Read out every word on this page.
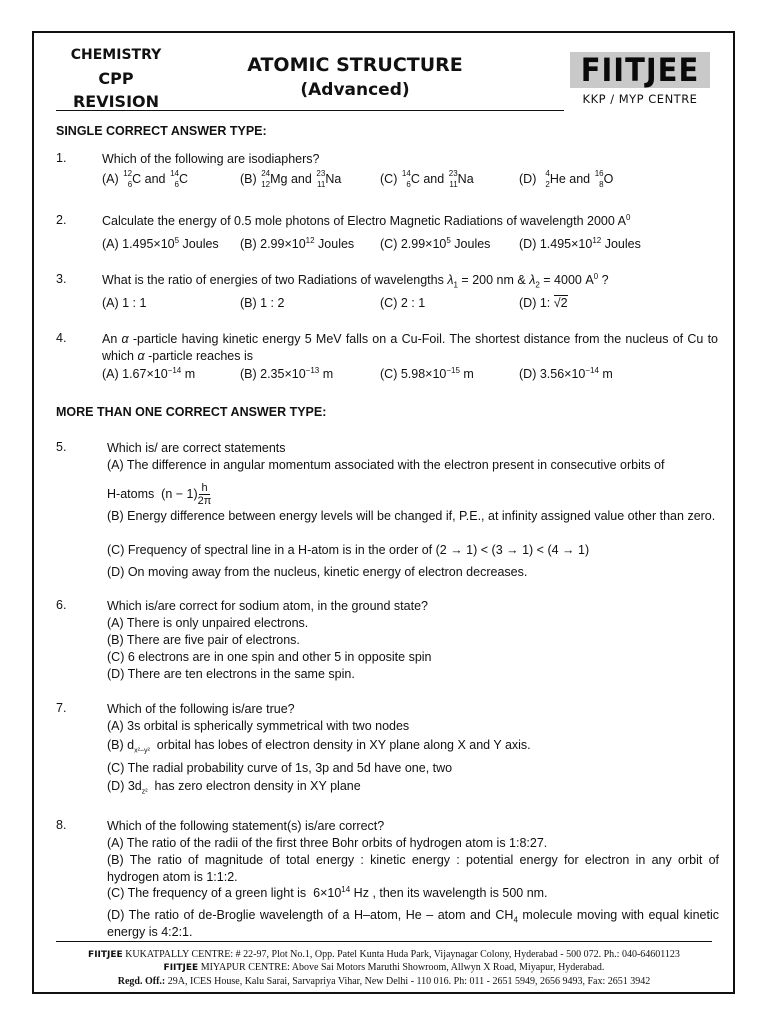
CHEMISTRY
CPP
REVISION
ATOMIC STRUCTURE
(Advanced)
FIITJEE
KKP / MYP CENTRE
SINGLE CORRECT ANSWER TYPE:
1.	Which of the following are isodiaphers?
(A) 12
6 C and 14
6 C	(B) 24
12 Mg and 23
11 Na	(C) 14
6 C and 23
11 Na	(D) 4
2 He and 16
8 O
2.	Calculate the energy of 0.5 mole photons of Electro Magnetic Radiations of wavelength 2000 $A^0$
(A) $1.495\times 10^5$ Joules (B) $2.99\times 10^{12}$ Joules (C) $2.99\times 10^5$ Joules (D) $1.495\times 10^{12}$ Joules
3.	What is the ratio of energies of two Radiations of wavelengths $\lambda_1 = 200$ nm & $\lambda_2 = 4000$ $A^0$ ?
(A) 1 : 1	(B) 1 : 2	(C) 2 : 1	(D) 1: √2
4.	An α -particle having kinetic energy 5 MeV falls on a Cu-Foil. The shortest distance from the nucleus of Cu to which α -particle reaches is
(A) $1.67\times 10^{-14}$ m	(B) $2.35\times 10^{-13}$ m	(C) $5.98\times 10^{-15}$ m	(D) $3.56\times 10^{-14}$ m
MORE THAN ONE CORRECT ANSWER TYPE:
5.	Which is/ are correct statements
(A) The difference in angular momentum associated with the electron present in consecutive orbits of
H-atoms  $(n - 1) \frac{h}{2\pi}$
(B) Energy difference between energy levels will be changed if, P.E., at infinity assigned value other than zero.
(C) Frequency of spectral line in a H-atom is in the order of (2 → 1) < (3 → 1) < (4 → 1)
(D) On moving away from the nucleus, kinetic energy of electron decreases.
6.	Which is/are correct for sodium atom, in the ground state?
(A) There is only unpaired electrons.
(B) There are five pair of electrons.
(C) 6 electrons are in one spin and other 5 in opposite spin
(D) There are ten electrons in the same spin.
7.	Which of the following is/are true?
(A) 3s orbital is spherically symmetrical with two nodes
(B) $d_{x^2-y^2}$ orbital has lobes of electron density in XY plane along X and Y axis.
(C) The radial probability curve of 1s, 3p and 5d have one, two
(D) $3d_{z^2}$ has zero electron density in XY plane
8.	Which of the following statement(s) is/are correct?
(A) The ratio of the radii of the first three Bohr orbits of hydrogen atom is 1:8:27.
(B) The ratio of magnitude of total energy : kinetic energy : potential energy for electron in any orbit of hydrogen atom is 1:1:2.
(C) The frequency of a green light is  $6\times 10^{14}$ Hz , then its wavelength is 500 nm.
(D) The ratio of de-Broglie wavelength of a H–atom, He – atom and $CH_4$ molecule moving with equal kinetic energy is 4:2:1.
FIITJEE KUKATPALLY CENTRE: # 22-97, Plot No.1, Opp. Patel Kunta Huda Park, Vijaynagar Colony, Hyderabad - 500 072. Ph.: 040-64601123
FIITJEE MIYAPUR CENTRE: Above Sai Motors Maruthi Showroom, Allwyn X Road, Miyapur, Hyderabad.
Regd. Off.: 29A, ICES House, Kalu Sarai, Sarvapriya Vihar, New Delhi - 110 016. Ph: 011 - 2651 5949, 2656 9493, Fax: 2651 3942
